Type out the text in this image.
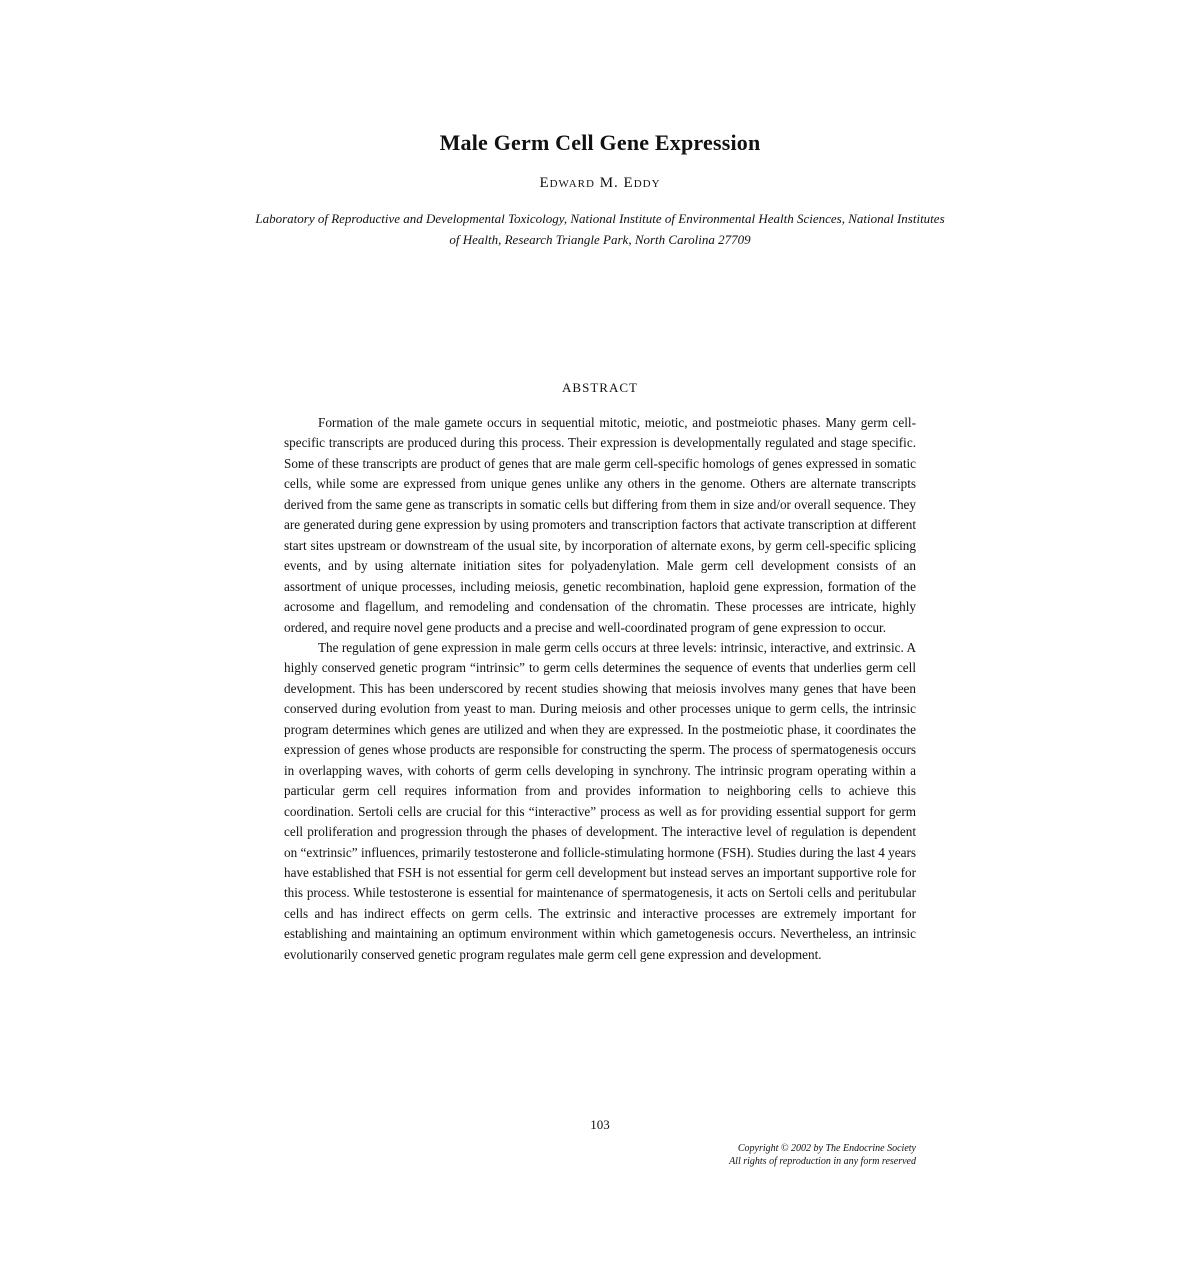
Male Germ Cell Gene Expression
Edward M. Eddy
Laboratory of Reproductive and Developmental Toxicology, National Institute of Environmental Health Sciences, National Institutes of Health, Research Triangle Park, North Carolina 27709
ABSTRACT

Formation of the male gamete occurs in sequential mitotic, meiotic, and postmeiotic phases. Many germ cell-specific transcripts are produced during this process. Their expression is developmentally regulated and stage specific. Some of these transcripts are product of genes that are male germ cell-specific homologs of genes expressed in somatic cells, while some are expressed from unique genes unlike any others in the genome. Others are alternate transcripts derived from the same gene as transcripts in somatic cells but differing from them in size and/or overall sequence. They are generated during gene expression by using promoters and transcription factors that activate transcription at different start sites upstream or downstream of the usual site, by incorporation of alternate exons, by germ cell-specific splicing events, and by using alternate initiation sites for polyadenylation. Male germ cell development consists of an assortment of unique processes, including meiosis, genetic recombination, haploid gene expression, formation of the acrosome and flagellum, and remodeling and condensation of the chromatin. These processes are intricate, highly ordered, and require novel gene products and a precise and well-coordinated program of gene expression to occur.

The regulation of gene expression in male germ cells occurs at three levels: intrinsic, interactive, and extrinsic. A highly conserved genetic program “intrinsic” to germ cells determines the sequence of events that underlies germ cell development. This has been underscored by recent studies showing that meiosis involves many genes that have been conserved during evolution from yeast to man. During meiosis and other processes unique to germ cells, the intrinsic program determines which genes are utilized and when they are expressed. In the postmeiotic phase, it coordinates the expression of genes whose products are responsible for constructing the sperm. The process of spermatogenesis occurs in overlapping waves, with cohorts of germ cells developing in synchrony. The intrinsic program operating within a particular germ cell requires information from and provides information to neighboring cells to achieve this coordination. Sertoli cells are crucial for this “interactive” process as well as for providing essential support for germ cell proliferation and progression through the phases of development. The interactive level of regulation is dependent on “extrinsic” influences, primarily testosterone and follicle-stimulating hormone (FSH). Studies during the last 4 years have established that FSH is not essential for germ cell development but instead serves an important supportive role for this process. While testosterone is essential for maintenance of spermatogenesis, it acts on Sertoli cells and peritubular cells and has indirect effects on germ cells. The extrinsic and interactive processes are extremely important for establishing and maintaining an optimum environment within which gametogenesis occurs. Nevertheless, an intrinsic evolutionarily conserved genetic program regulates male germ cell gene expression and development.

103
Copyright © 2002 by The Endocrine Society
All rights of reproduction in any form reserved
